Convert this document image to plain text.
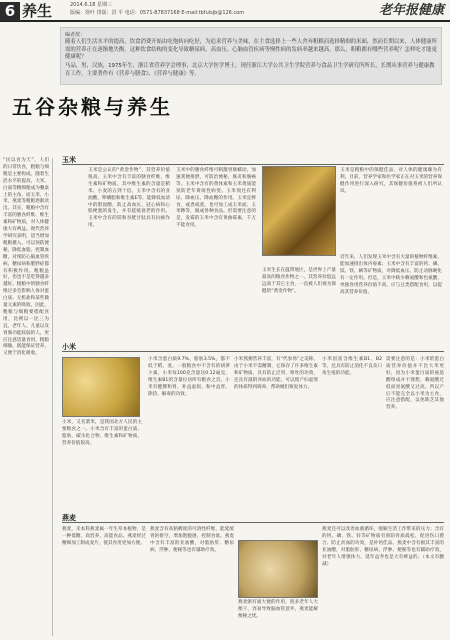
6 养生	2014.6.18 星期三
版编：徐叶 排版：洪 平 电话：0571-87837168 E-mail:tbfulsjb@126.com	老年报健康
编者按：
随着人们生活水平的提高，饮食消费开始由吃饱转向吃好，为追求营养与美味，在主食选择上一些人舍弃粗粮而选择精细的米面，然而长期以来，人体健康所需的营养正在逐渐地失衡。这种饮食结构的变化导致糖尿病、高血压、心脑血管疾病等慢性病的发病率越来越高。那么，粗粮都有哪些营养呢？怎样吃才能更健康呢？
马品，男，汉族，1975年生，浙江省营养学会理事，北京大学医学博士，现任浙江大学公共卫生学院营养与食品卫生学研究所所长，长期从事营养与健康教育工作，主要著作有《营养与膳食》、《营养与健康》等。
五谷杂粮与养生
“民以食为天”，人们的日常饮食，粗粮与细粮是主要构成。随着生活水平的提高，大米、白面等精细粮成为餐桌上的主角，而玉米、小米、燕麦等粗粮逐渐淡出。其实，粗粮中含有丰富的膳食纤维、维生素和矿物质，对人体健康大有裨益。现代营养学研究表明，适当增加粗粮摄入，可以预防便秘、降低血脂、控制血糖，对预防心脑血管疾病、糖尿病和肥胖症都有积极作用。粗粮虽好，但也不是吃得越多越好。粗粮中的膳食纤维过多会影响人体对蛋白质、无机盐和某些微量元素的吸收。因此，粗粮与细粮要搭配食用，比例以一比三为宜。老年人、儿童以及胃肠功能较弱的人，更应注意适量食用，粗粮细做，既能保证营养，又便于消化吸收。
玉米
玉米是公认的“黄金作物”，其营养价值很高。玉米中含有丰富的膳食纤维、维生素和矿物质，其中维生素的含量是稻米、小麦的五到十倍。玉米中含有的亚油酸、卵磷脂和维生素E等，能降低血清中的胆固醇，防止高血压、冠心病和心肌梗塞的发生，并有延缓衰老的作用。玉米中含有的镁和谷胱甘肽具有抗癌作用。
玉米中的膳食纤维可刺激胃肠蠕动，加速粪便排泄，可防治便秘、肠炎和肠癌等。玉米中含有的黄体素和玉米黄质能预防老年黄斑性病变。玉米须还有利尿、降血压、降血糖的作用。玉米宜鲜食，或煮或蒸，也可加工成玉米面、玉米糁等，做成各种食品。但需要注意的是，发霉的玉米中含有黄曲霉素，千万不能食用。
玉米生长在温带地区，是世界上产量最高的粮食作物之一。其营养价值远远高于其它主食，一直被人们视为保健的“黄金作物”。
玉米是粗粮中的保健佳品，对人体的健康颇为有利。目前，营养学家和医学家正在对玉米的营养保健作用进行深入研究，其保健价值将被人们所认识。
近年来，人们发现玉米中含有大量的植物纤维素，能加速排出体内毒素；玉米中含有丰富的钙、磷、镁、铁、硒等矿物质，对降低血压、防止动脉硬化有一定作用。但是，玉米中缺少赖氨酸和色氨酸，单独食用营养价值不高，应与豆类搭配食用，以提高其营养价值。
小米
小米，又名粟米，是我国北方人民的主要粮食之一。小米含有丰富的蛋白质、脂肪、碳水化合物、维生素和矿物质，营养价值很高。
小米含蛋白质9.7%、脂肪3.5%，都不低于稻、麦。一般粮食中不含有的胡萝卜素，小米每100克含量达0.12毫克，维生素B1的含量位居所有粮食之首。小米有健脾和胃、补益虚损、和中益肾、除热、解毒的功效。
小米熬粥营养丰富，有“代参汤”之美称。由于小米不需精制，它保存了许多维生素和矿物质，具有防止泛胃、呕吐的功效，还具有滋阴养血的功能，可以使产妇虚寒的体质得到调养，帮助她们恢复体力。
小米因富含维生素B1、B2等，还具有防止消化不良及口角生疮的功能。
需要注意的是：小米的蛋白质营养价值并不比大米更好，因为小米蛋白质的氨基酸组成并不理想，赖氨酸过低而亮氨酸又过高，所以产后不能完全以小米为主食，应注意搭配，以免缺乏其他营养。
燕麦
燕麦，禾本科燕麦属一年生草本植物，是一种低糖、高营养、高能食品。燕麦经过精细加工制成麦片，使其食用更加方便。
燕麦含有高粘稠度的可溶性纤维，能延缓胃的排空，增加饱腹感，控制食欲。燕麦中含有丰富的亚油酸，对脂肪肝、糖尿病、浮肿、便秘等也有辅助疗效。
燕麦还可以改善血液循环，缓解生活工作带来的压力；含有的钙、磷、铁、锌等矿物质有预防骨质疏松、促进伤口愈合、防止贫血的功效，是补钙佳品。燕麦中含有极其丰富的亚油酸，对脂肪肝、糖尿病、浮肿、便秘等也有辅助疗效，对老年人增强体力、延年益寿也是大有裨益的。（本文有删减）
燕麦粥有通大便的作用，很多老年人大便干，容易导致脑血管意外，燕麦能解便秘之忧。
